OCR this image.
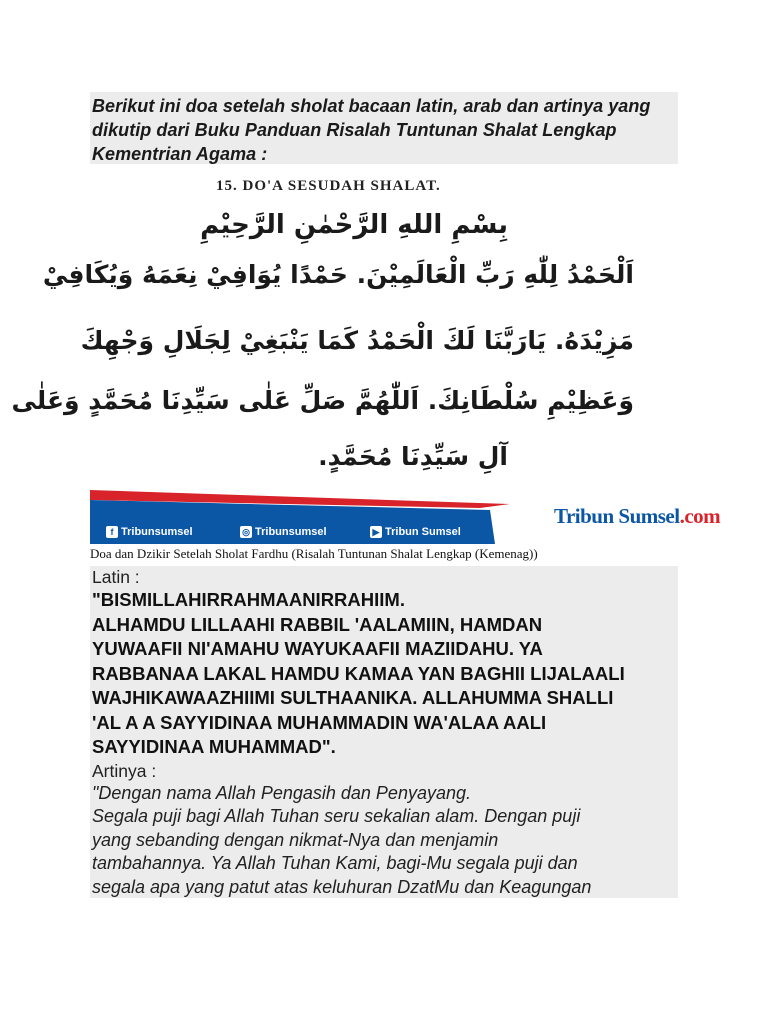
Berikut ini doa setelah sholat bacaan latin, arab dan artinya yang dikutip dari Buku Panduan Risalah Tuntunan Shalat Lengkap Kementrian Agama :

15. DO'A SESUDAH SHALAT.
بِسْمِ اللهِ الرَّحْمٰنِ الرَّحِيْمِ
اَلْحَمْدُ لِلّٰهِ رَبِّ الْعَالَمِيْنَ. حَمْدًا يُوَافِيْ نِعَمَهُ وَيُكَافِيْ
مَزِيْدَهُ. يَارَبَّنَا لَكَ الْحَمْدُ كَمَا يَنْبَغِيْ لِجَلَالِ وَجْهِكَ
وَعَظِيْمِ سُلْطَانِكَ. اَللّٰهُمَّ صَلِّ عَلٰى سَيِّدِنَا مُحَمَّدٍ وَعَلٰى
آلِ سَيِّدِنَا مُحَمَّدٍ.
f Tribunsumsel	◎ Tribunsumsel	▶ Tribun Sumsel
Tribun Sumsel.com
Doa dan Dzikir Setelah Sholat Fardhu (Risalah Tuntunan Shalat Lengkap (Kemenag))
Latin :

"BISMILLAHIRRAHMAANIRRAHIIM.

ALHAMDU LILLAAHI RABBIL 'AALAMIIN, HAMDAN

YUWAAFII NI'AMAHU WAYUKAAFII MAZIIDAHU. YA

RABBANAA LAKAL HAMDU KAMAA YAN BAGHII LIJALAALI

WAJHIKAWAAZHIIMI SULTHAANIKA. ALLAHUMMA SHALLI

'AL A A SAYYIDINAA MUHAMMADIN WA'ALAA AALI

SAYYIDINAA MUHAMMAD".

Artinya :

"Dengan nama Allah Pengasih dan Penyayang.

Segala puji bagi Allah Tuhan seru sekalian alam. Dengan puji

yang sebanding dengan nikmat-Nya dan menjamin

tambahannya. Ya Allah Tuhan Kami, bagi-Mu segala puji dan

segala apa yang patut atas keluhuran DzatMu dan Keagungan
